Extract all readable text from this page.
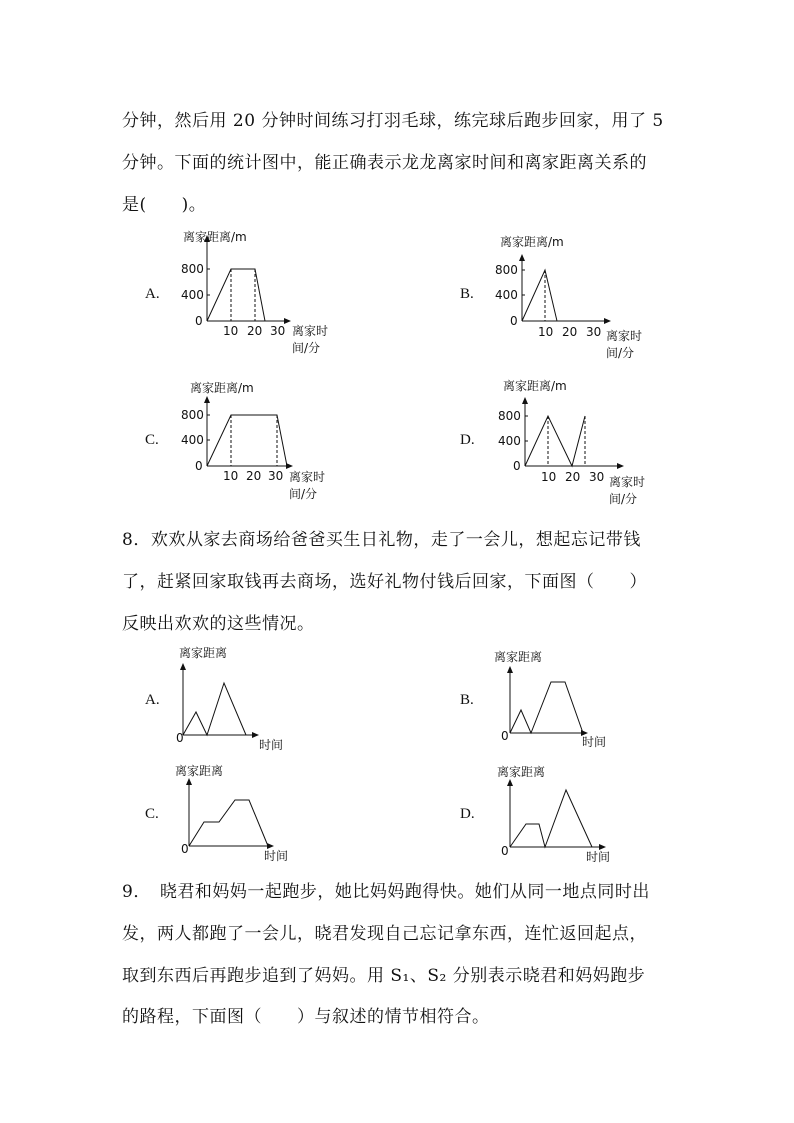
分钟，然后用 20 分钟时间练习打羽毛球，练完球后跑步回家，用了 5
分钟。下面的统计图中，能正确表示龙龙离家时间和离家距离关系的
是(　　)。
A.	B.
C.	D.
8．欢欢从家去商场给爸爸买生日礼物，走了一会儿，想起忘记带钱
了，赶紧回家取钱再去商场，选好礼物付钱后回家，下面图（　　）
反映出欢欢的这些情况。
A.	B.
C.	D.
9．　晓君和妈妈一起跑步，她比妈妈跑得快。她们从同一地点同时出
发，两人都跑了一会儿，晓君发现自己忘记拿东西，连忙返回起点，
取到东西后再跑步追到了妈妈。用 S₁、S₂ 分别表示晓君和妈妈跑步
的路程，下面图（　　）与叙述的情节相符合。
离家距离/m
800
400
0
10 20 30 离家时
间/分
离家距离/m
800
400
0
10 20 30 离家时
间/分
离家距离/m
800
400
0
10 20 30 离家时
间/分
离家距离/m
800
400
0
10 20 30 离家时
间/分
离家距离
0	时间
离家距离
0	时间
离家距离
0	时间
离家距离
0	时间
